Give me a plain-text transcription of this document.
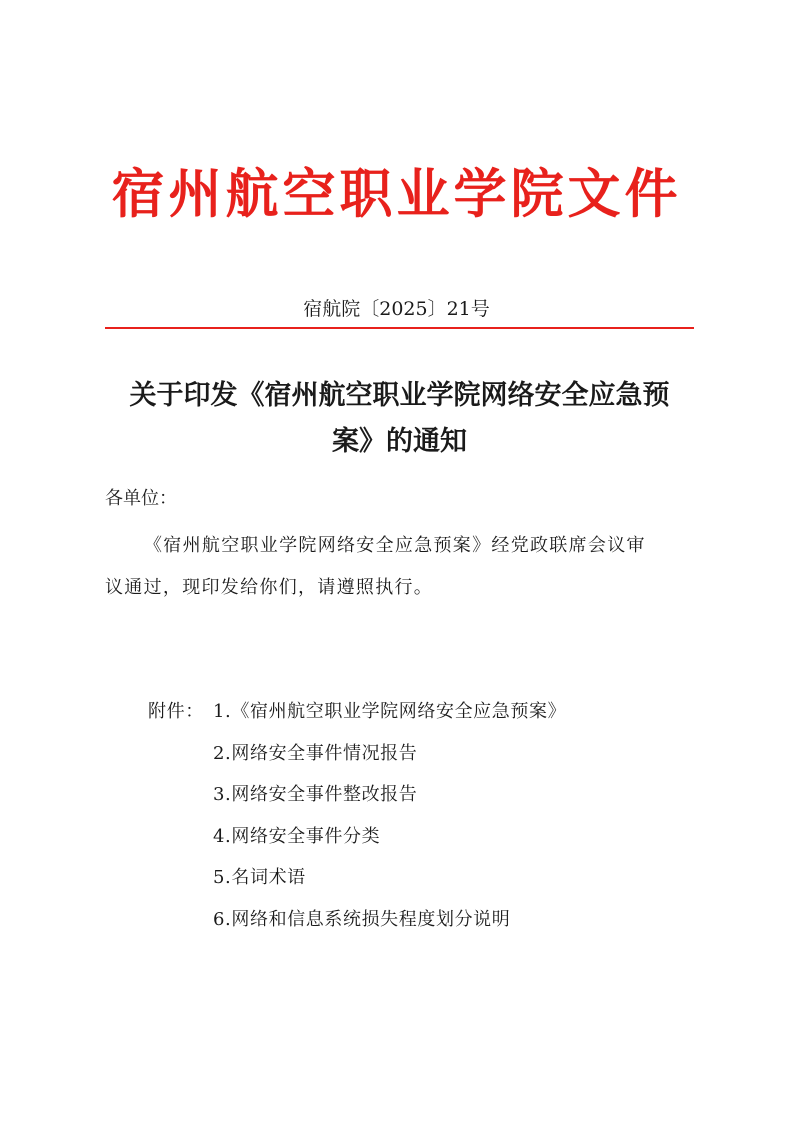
宿州航空职业学院文件
宿航院〔2025〕21号
关于印发《宿州航空职业学院网络安全应急预
案》的通知
各单位：
《宿州航空职业学院网络安全应急预案》经党政联席会议审
议通过，现印发给你们，请遵照执行。
附件： 1.《宿州航空职业学院网络安全应急预案》
2.网络安全事件情况报告
3.网络安全事件整改报告
4.网络安全事件分类
5.名词术语
6.网络和信息系统损失程度划分说明
